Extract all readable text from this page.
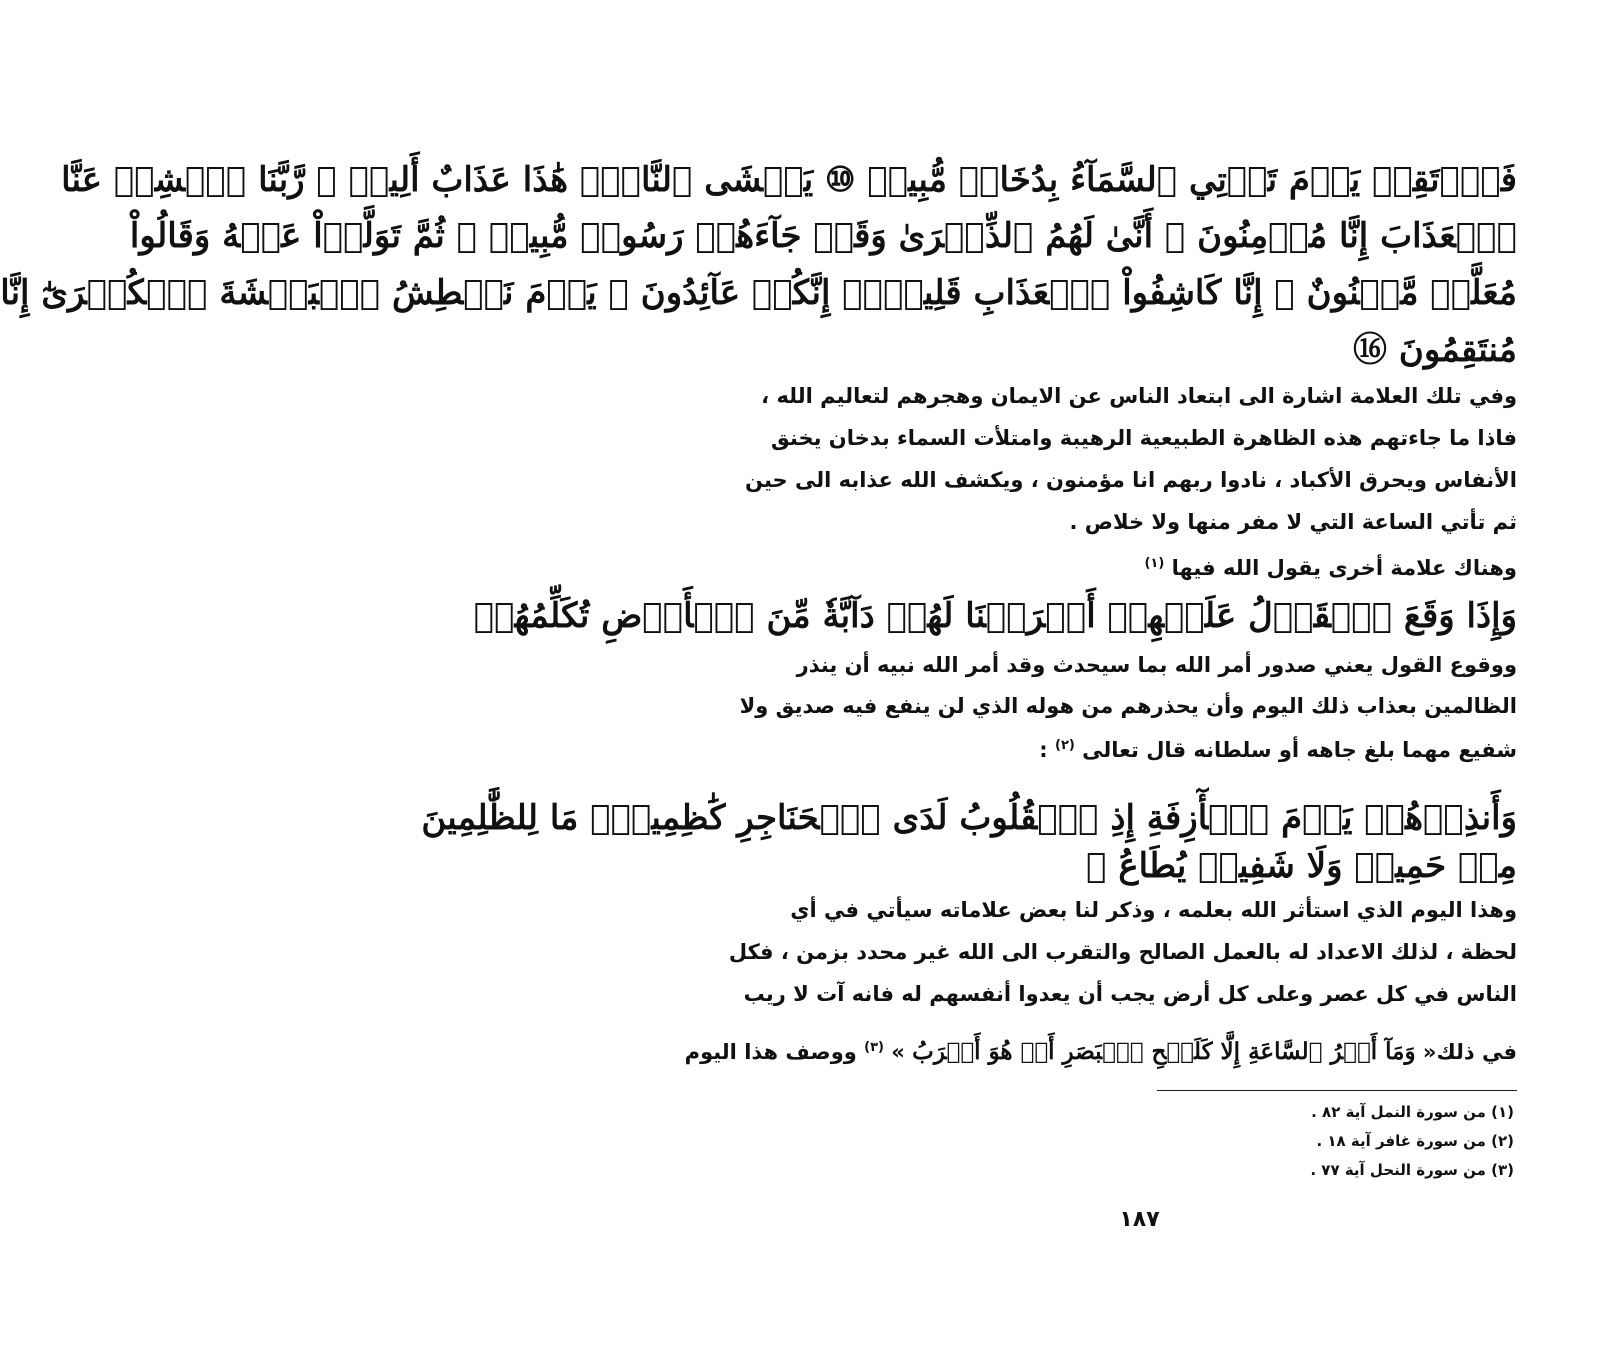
فَٱرۡتَقِبۡ يَوۡمَ تَأۡتِي ٱلسَّمَآءُ بِدُخَانٖ مُّبِينٖ ⑩ يَغۡشَى ٱلنَّاسَۖ هَٰذَا عَذَابٌ أَلِيمٞ ⑪ رَّبَّنَا ٱكۡشِفۡ عَنَّا
ٱلۡعَذَابَ إِنَّا مُؤۡمِنُونَ ⑫ أَنَّىٰ لَهُمُ ٱلذِّكۡرَىٰ وَقَدۡ جَآءَهُمۡ رَسُولٞ مُّبِينٞ ⑬ ثُمَّ تَوَلَّوۡاْ عَنۡهُ وَقَالُواْ
مُعَلَّمٞ مَّجۡنُونٌ ⑭ إِنَّا كَاشِفُواْ ٱلۡعَذَابِ قَلِيلًاۚ إِنَّكُمۡ عَآئِدُونَ ⑮ يَوۡمَ نَبۡطِشُ ٱلۡبَطۡشَةَ ٱلۡكُبۡرَىٰٓ إِنَّا
مُنتَقِمُونَ ⑯
وفي تلك العلامة اشارة الى ابتعاد الناس عن الايمان وهجرهم لتعاليم الله ،
فاذا ما جاءتهم هذه الظاهرة الطبيعية الرهيبة وامتلأت السماء بدخان يخنق
الأنفاس ويحرق الأكباد ، نادوا ربهم انا مؤمنون ، ويكشف الله عذابه الى حين
ثم تأتي الساعة التي لا مفر منها ولا خلاص .
وهناك علامة أخرى يقول الله فيها $^{(١)}$
وَإِذَا وَقَعَ ٱلۡقَوۡلُ عَلَيۡهِمۡ أَخۡرَجۡنَا لَهُمۡ دَآبَّةٗ مِّنَ ٱلۡأَرۡضِ تُكَلِّمُهُمۡ
ووقوع القول يعني صدور أمر الله بما سيحدث وقد أمر الله نبيه أن ينذر
الظالمين بعذاب ذلك اليوم وأن يحذرهم من هوله الذي لن ينفع فيه صديق ولا
شفيع مهما بلغ جاهه أو سلطانه قال تعالى $^{(٢)}$ :
وَأَنذِرۡهُمۡ يَوۡمَ ٱلۡأٓزِفَةِ إِذِ ٱلۡقُلُوبُ لَدَى ٱلۡحَنَاجِرِ كَٰظِمِينَۚ مَا لِلظَّٰلِمِينَ
مِنۡ حَمِيمٖ وَلَا شَفِيعٖ يُطَاعُ ⑱
وهذا اليوم الذي استأثر الله بعلمه ، وذكر لنا بعض علاماته سيأتي في أي
لحظة ، لذلك الاعداد له بالعمل الصالح والتقرب الى الله غير محدد بزمن ، فكل
الناس في كل عصر وعلى كل أرض يجب أن يعدوا أنفسهم له فانه آت لا ريب
في ذلك« وَمَآ أَمۡرُ ٱلسَّاعَةِ إِلَّا كَلَمۡحِ ٱلۡبَصَرِ أَوۡ هُوَ أَقۡرَبُ » $^{(٣)}$ ووصف هذا اليوم
(١) من سورة النمل آية ٨٢ .
(٢) من سورة غافر آية ١٨ .
(٣) من سورة النحل آية ٧٧ .
١٨٧
